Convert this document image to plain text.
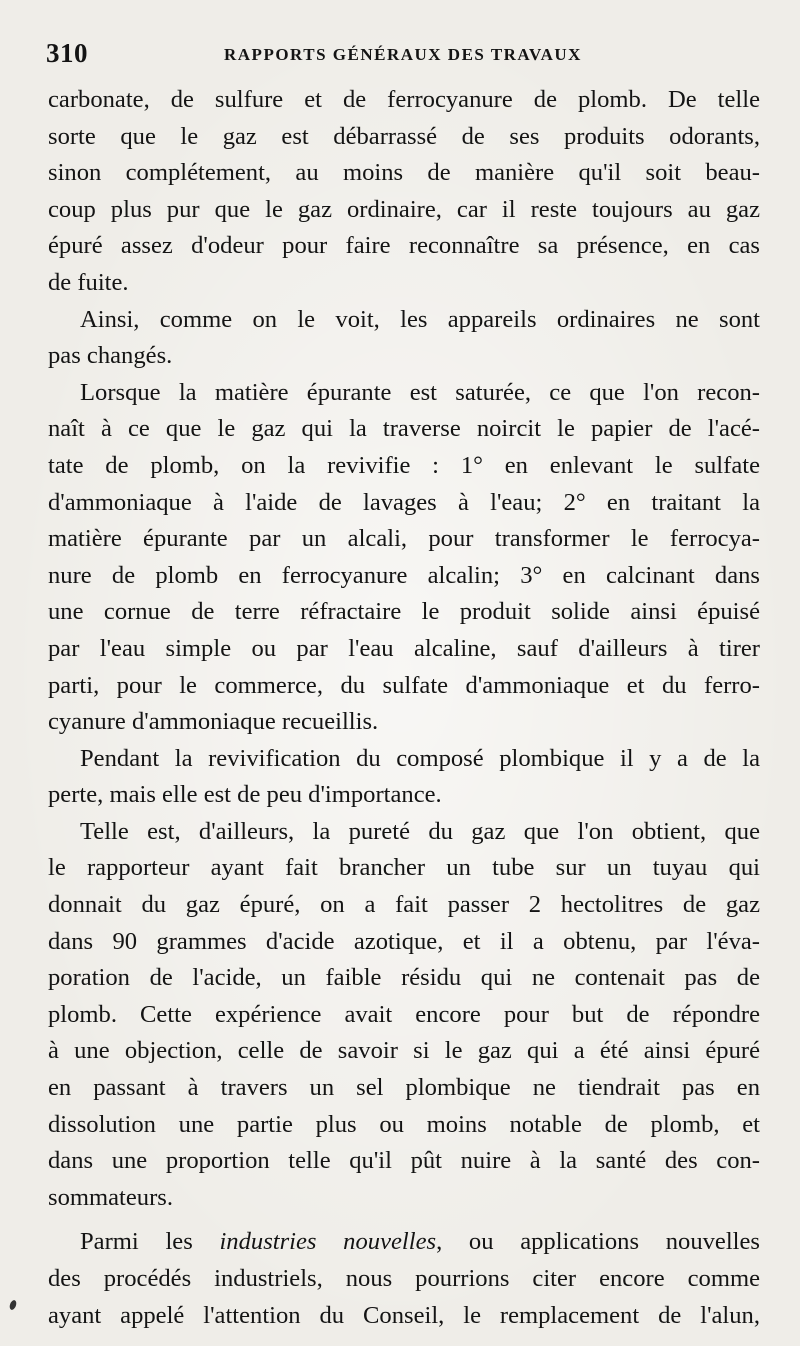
310	RAPPORTS GÉNÉRAUX DES TRAVAUX
carbonate, de sulfure et de ferrocyanure de plomb. De telle
sorte que le gaz est débarrassé de ses produits odorants,
sinon complétement, au moins de manière qu'il soit beau-
coup plus pur que le gaz ordinaire, car il reste toujours au gaz
épuré assez d'odeur pour faire reconnaître sa présence, en cas
de fuite.
Ainsi, comme on le voit, les appareils ordinaires ne sont
pas changés.
Lorsque la matière épurante est saturée, ce que l'on recon-
naît à ce que le gaz qui la traverse noircit le papier de l'acé-
tate de plomb, on la revivifie : 1° en enlevant le sulfate
d'ammoniaque à l'aide de lavages à l'eau; 2° en traitant la
matière épurante par un alcali, pour transformer le ferrocya-
nure de plomb en ferrocyanure alcalin; 3° en calcinant dans
une cornue de terre réfractaire le produit solide ainsi épuisé
par l'eau simple ou par l'eau alcaline, sauf d'ailleurs à tirer
parti, pour le commerce, du sulfate d'ammoniaque et du ferro-
cyanure d'ammoniaque recueillis.
Pendant la revivification du composé plombique il y a de la
perte, mais elle est de peu d'importance.
Telle est, d'ailleurs, la pureté du gaz que l'on obtient, que
le rapporteur ayant fait brancher un tube sur un tuyau qui
donnait du gaz épuré, on a fait passer 2 hectolitres de gaz
dans 90 grammes d'acide azotique, et il a obtenu, par l'éva-
poration de l'acide, un faible résidu qui ne contenait pas de
plomb. Cette expérience avait encore pour but de répondre
à une objection, celle de savoir si le gaz qui a été ainsi épuré
en passant à travers un sel plombique ne tiendrait pas en
dissolution une partie plus ou moins notable de plomb, et
dans une proportion telle qu'il pût nuire à la santé des con-
sommateurs.
Parmi les industries nouvelles, ou applications nouvelles
des procédés industriels, nous pourrions citer encore comme
ayant appelé l'attention du Conseil, le remplacement de l'alun,
